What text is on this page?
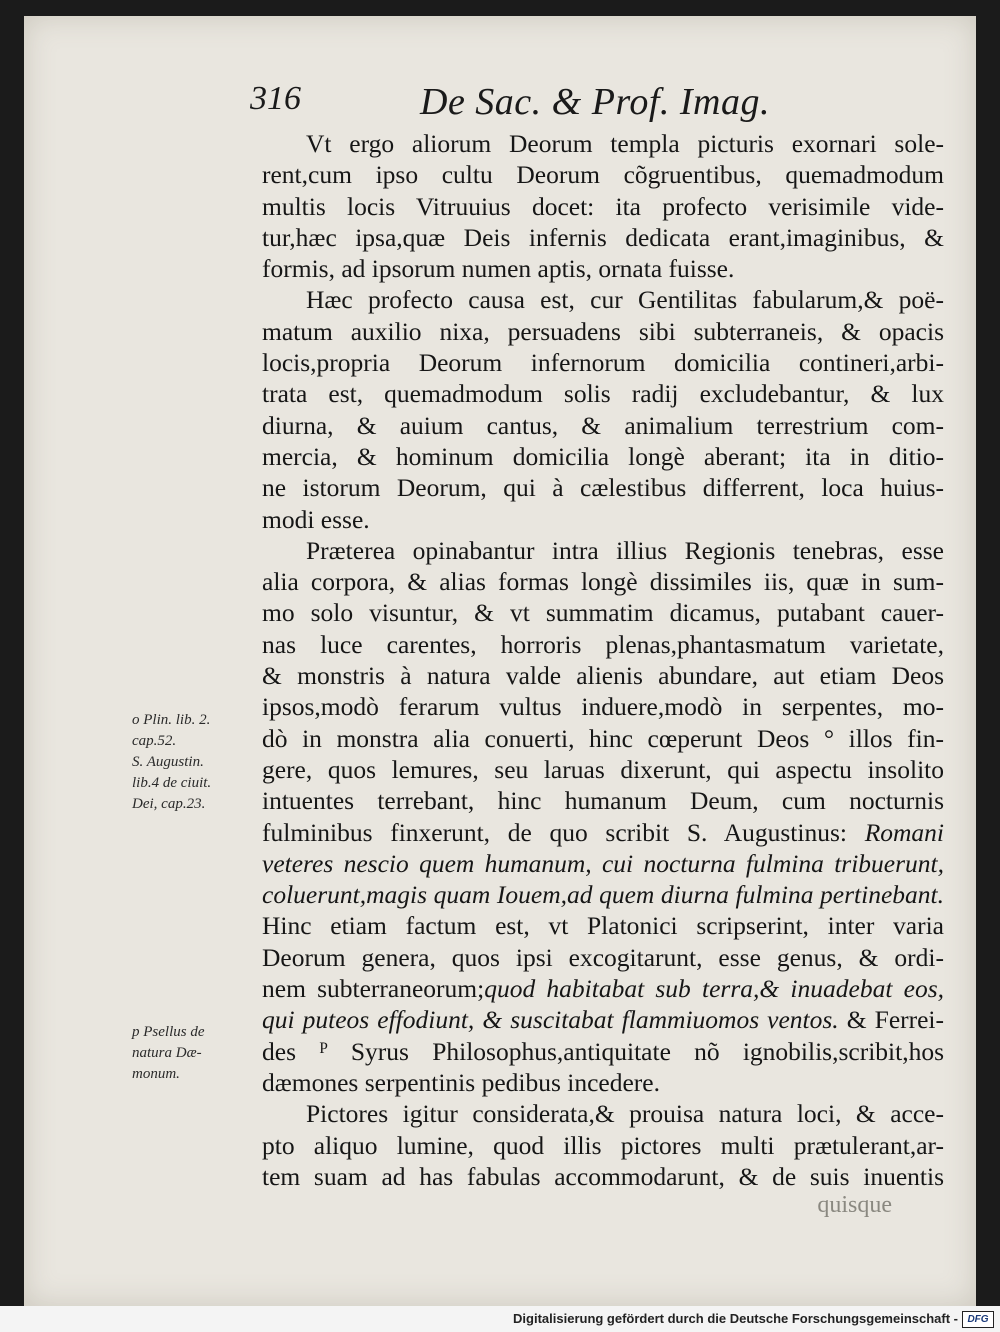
316	De Sac. & Prof. Imag.
Vt ergo aliorum Deorum templa picturis exornari sole-
rent,cum ipso cultu Deorum cõgruentibus, quemadmodum
multis locis Vitruuius docet: ita profecto verisimile vide-
tur,hæc ipsa,quæ Deis infernis dedicata erant,imaginibus, &
formis, ad ipsorum numen aptis, ornata fuisse.
Hæc profecto causa est, cur Gentilitas fabularum,& poë-
matum auxilio nixa, persuadens sibi subterraneis, & opacis
locis,propria Deorum infernorum domicilia contineri,arbi-
trata est, quemadmodum solis radij excludebantur, & lux
diurna, & auium cantus, & animalium terrestrium com-
mercia, & hominum domicilia longè aberant; ita in ditio-
ne istorum Deorum, qui à cælestibus differrent, loca huius-
modi esse.
Præterea opinabantur intra illius Regionis tenebras, esse
alia corpora, & alias formas longè dissimiles iis, quæ in sum-
mo solo visuntur, & vt summatim dicamus, putabant cauer-
nas luce carentes, horroris plenas,phantasmatum varietate,
& monstris à natura valde alienis abundare, aut etiam Deos
ipsos,modò ferarum vultus induere,modò in serpentes, mo-
dò in monstra alia conuerti, hinc cœperunt Deos ° illos fin-
gere, quos lemures, seu laruas dixerunt, qui aspectu insolito
intuentes terrebant, hinc humanum Deum, cum nocturnis
fulminibus finxerunt, de quo scribit S. Augustinus: Romani
veteres nescio quem humanum, cui nocturna fulmina tribuerunt,
coluerunt,magis quam Iouem,ad quem diurna fulmina pertinebant.
Hinc etiam factum est, vt Platonici scripserint, inter varia
Deorum genera, quos ipsi excogitarunt, esse genus, & ordi-
nem subterraneorum;quod habitabat sub terra,& inuadebat eos,
qui puteos effodiunt, & suscitabat flammiuomos ventos. & Ferrei-
des ᴾ Syrus Philosophus,antiquitate nõ ignobilis,scribit,hos
dæmones serpentinis pedibus incedere.
Pictores igitur considerata,& prouisa natura loci, & acce-
pto aliquo lumine, quod illis pictores multi prætulerant,ar-
tem suam ad has fabulas accommodarunt, & de suis inuentis
quisque
o Plin. lib. 2.
cap.52.
S. Augustin.
lib.4 de ciuit.
Dei, cap.23.
p Psellus de
natura Dæ-
monum.
Digitalisierung gefördert durch die Deutsche Forschungsgemeinschaft - DFG
